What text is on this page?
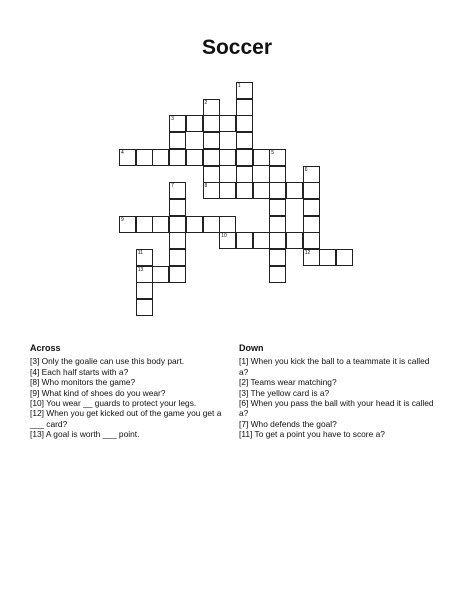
Soccer
1
2
3
4	5
6
7	8
9
10
11	12
13
Across
[3] Only the goalie can use this body part.
[4] Each half starts with a?
[8] Who monitors the game?
[9] What kind of shoes do you wear?
[10] You wear __ guards to protect your legs.
[12] When you get kicked out of the game you get a
___ card?
[13] A goal is worth ___ point.
Down
[1] When you kick the ball to a teammate it is called
a?
[2] Teams wear matching?
[3] The yellow card is a?
[6] When you pass the ball with your head it is called
a?
[7] Who defends the goal?
[11] To get a point you have to score a?
